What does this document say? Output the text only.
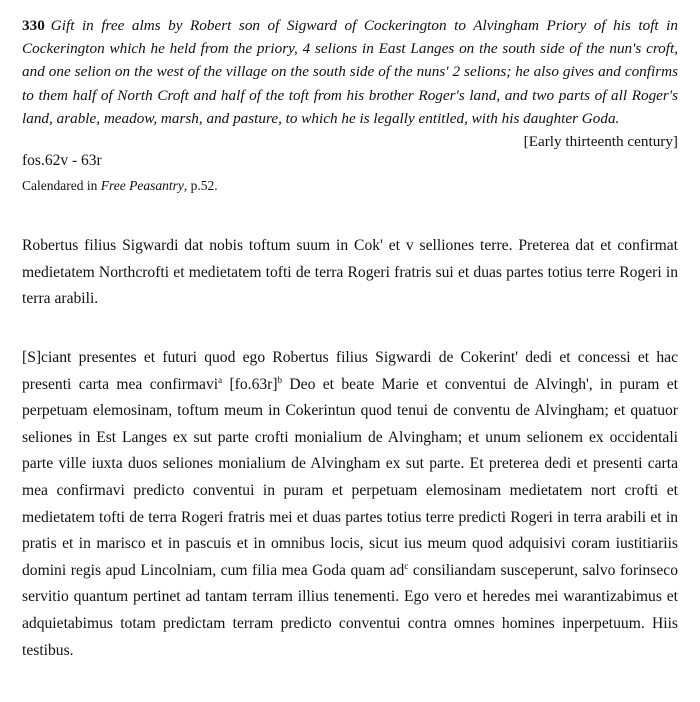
330 Gift in free alms by Robert son of Sigward of Cockerington to Alvingham Priory of his toft in Cockerington which he held from the priory, 4 selions in East Langes on the south side of the nun's croft, and one selion on the west of the village on the south side of the nuns' 2 selions; he also gives and confirms to them half of North Croft and half of the toft from his brother Roger's land, and two parts of all Roger's land, arable, meadow, marsh, and pasture, to which he is legally entitled, with his daughter Goda.
[Early thirteenth century]
fos.62v - 63r
Calendared in Free Peasantry, p.52.
Robertus filius Sigwardi dat nobis toftum suum in Cok' et v selliones terre. Preterea dat et confirmat medietatem Northcrofti et medietatem tofti de terra Rogeri fratris sui et duas partes totius terre Rogeri in terra arabili.
[S]ciant presentes et futuri quod ego Robertus filius Sigwardi de Cokerint' dedi et concessi et hac presenti carta mea confirmavi$^a$ $[fo.63r]^b$ Deo et beate Marie et conventui de Alvingh', in puram et perpetuam elemosinam, toftum meum in Cokerintun quod tenui de conventu de Alvingham; et quatuor seliones in Est Langes ex sut parte crofti monialium de Alvingham; et unum selionem ex occidentali parte ville iuxta duos seliones monialium de Alvingham ex sut parte. Et preterea dedi et presenti carta mea confirmavi predicto conventui in puram et perpetuam elemosinam medietatem nort crofti et medietatem tofti de terra Rogeri fratris mei et duas partes totius terre predicti Rogeri in terra arabili et in pratis et in marisco et in pascuis et in omnibus locis, sicut ius meum quod adquisivi coram iustitiariis domini regis apud Lincolniam, cum filia mea Goda quam $ad^c$ consiliandam susceperunt, salvo forinseco servitio quantum pertinet ad tantam terram illius tenementi. Ego vero et heredes mei warantizabimus et adquietabimus totam predictam terram predicto conventui contra omnes homines inperpetuum. Hiis testibus.
